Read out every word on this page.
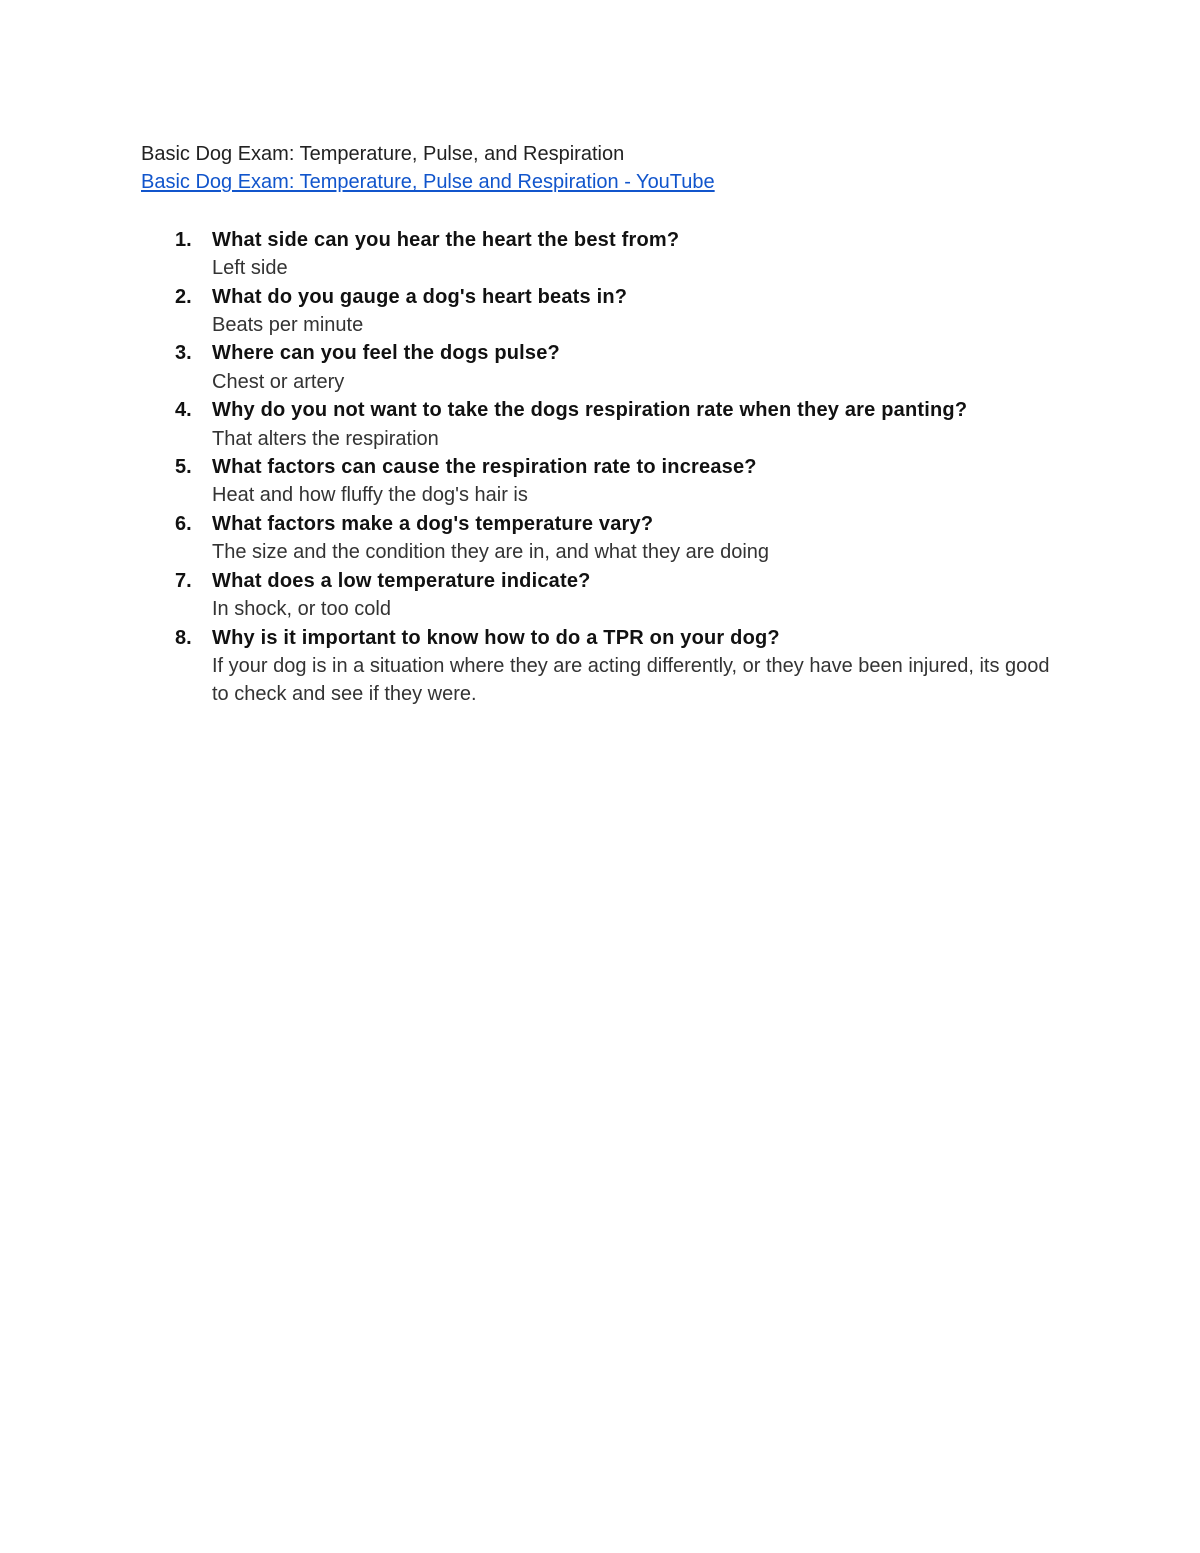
Basic Dog Exam: Temperature, Pulse, and Respiration
Basic Dog Exam: Temperature, Pulse and Respiration - YouTube
1. What side can you hear the heart the best from?
Left side
2. What do you gauge a dog's heart beats in?
Beats per minute
3. Where can you feel the dogs pulse?
Chest or artery
4. Why do you not want to take the dogs respiration rate when they are panting?
That alters the respiration
5. What factors can cause the respiration rate to increase?
Heat and how fluffy the dog's hair is
6. What factors make a dog's temperature vary?
The size and the condition they are in, and what they are doing
7. What does a low temperature indicate?
In shock, or too cold
8. Why is it important to know how to do a TPR on your dog?
If your dog is in a situation where they are acting differently, or they have been injured, its good to check and see if they were.
